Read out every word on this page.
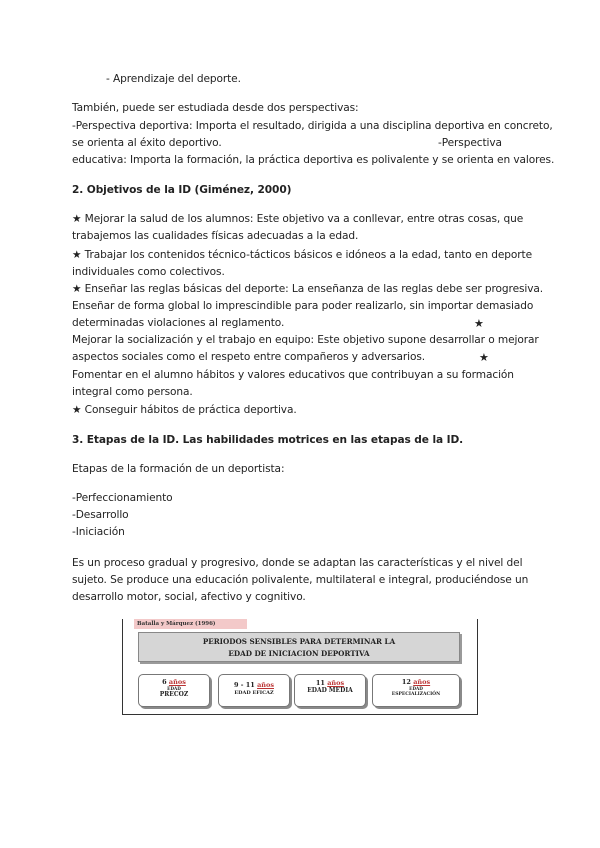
- Aprendizaje del deporte.
También, puede ser estudiada desde dos perspectivas:
-Perspectiva deportiva: Importa el resultado, dirigida a una disciplina deportiva en concreto,
se orienta al éxito deportivo.	-Perspectiva
educativa: Importa la formación, la práctica deportiva es polivalente y se orienta en valores.
2. Objetivos de la ID (Giménez, 2000)
★ Mejorar la salud de los alumnos: Este objetivo va a conllevar, entre otras cosas, que
trabajemos las cualidades físicas adecuadas a la edad.
★ Trabajar los contenidos técnico-tácticos básicos e idóneos a la edad, tanto en deporte
individuales como colectivos.
★ Enseñar las reglas básicas del deporte: La enseñanza de las reglas debe ser progresiva.
Enseñar de forma global lo imprescindible para poder realizarlo, sin importar demasiado
determinadas violaciones al reglamento.	★
Mejorar la socialización y el trabajo en equipo: Este objetivo supone desarrollar o mejorar
aspectos sociales como el respeto entre compañeros y adversarios.	★
Fomentar en el alumno hábitos y valores educativos que contribuyan a su formación
integral como persona.
★ Conseguir hábitos de práctica deportiva.
3. Etapas de la ID. Las habilidades motrices en las etapas de la ID.
Etapas de la formación de un deportista:
-Perfeccionamiento
-Desarrollo
-Iniciación
Es un proceso gradual y progresivo, donde se adaptan las características y el nivel del
sujeto. Se produce una educación polivalente, multilateral e integral, produciéndose un
desarrollo motor, social, afectivo y cognitivo.
Batalla y Márquez (1996)
PERIODOS SENSIBLES PARA DETERMINAR LA
EDAD DE INICIACION DEPORTIVA
6 años
EDAD
PRECOZ
9 - 11 años
EDAD EFICAZ
11 años
EDAD MEDIA
12 años
EDAD
ESPECIALIZACIÓN
